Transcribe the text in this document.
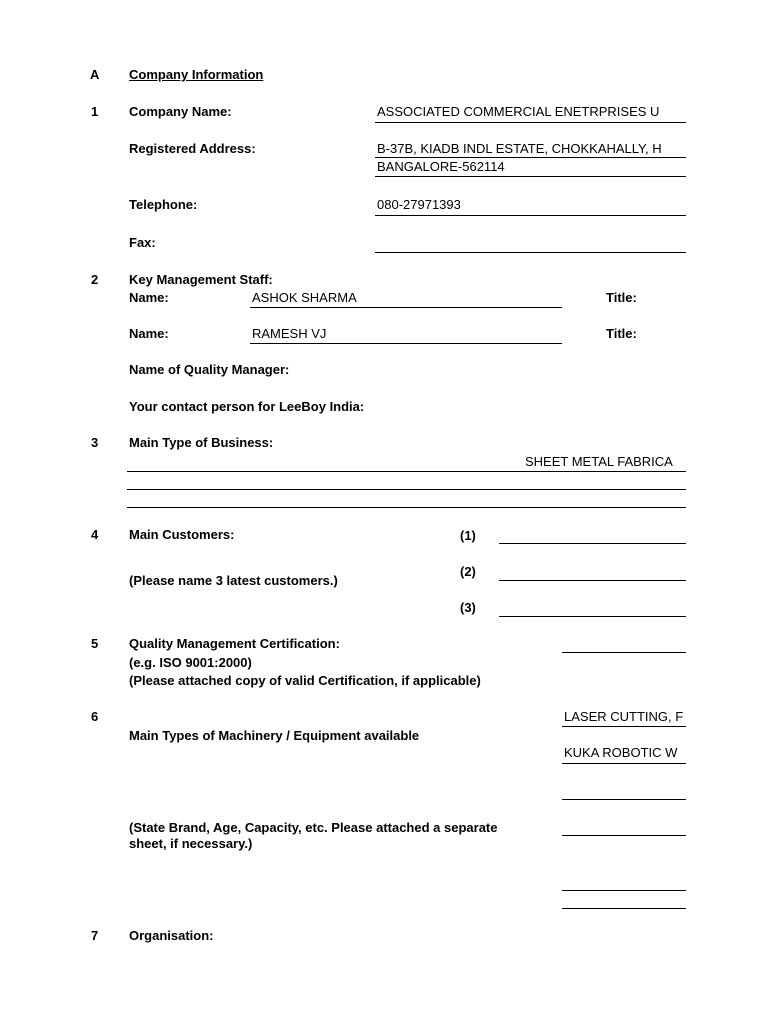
A Company Information
1 Company Name:	ASSOCIATED COMMERCIAL ENETRPRISES U
Registered Address:	B-37B, KIADB INDL ESTATE, CHOKKAHALLY, H
BANGALORE-562114
Telephone:	080-27971393
Fax:
2 Key Management Staff:
Name:	ASHOK SHARMA	Title:
Name:	RAMESH VJ	Title:
Name of Quality Manager:
Your contact person for LeeBoy India:
3 Main Type of Business:
SHEET METAL FABRICA
4 Main Customers:	(1)
(2)
(Please name 3 latest customers.)
(3)
5 Quality Management Certification:
(e.g. ISO 9001:2000)
(Please attached copy of valid Certification, if applicable)
6	LASER CUTTING, F
Main Types of Machinery / Equipment available
KUKA ROBOTIC W
(State Brand, Age, Capacity, etc. Please attached a separate
sheet, if necessary.)
7 Organisation:
